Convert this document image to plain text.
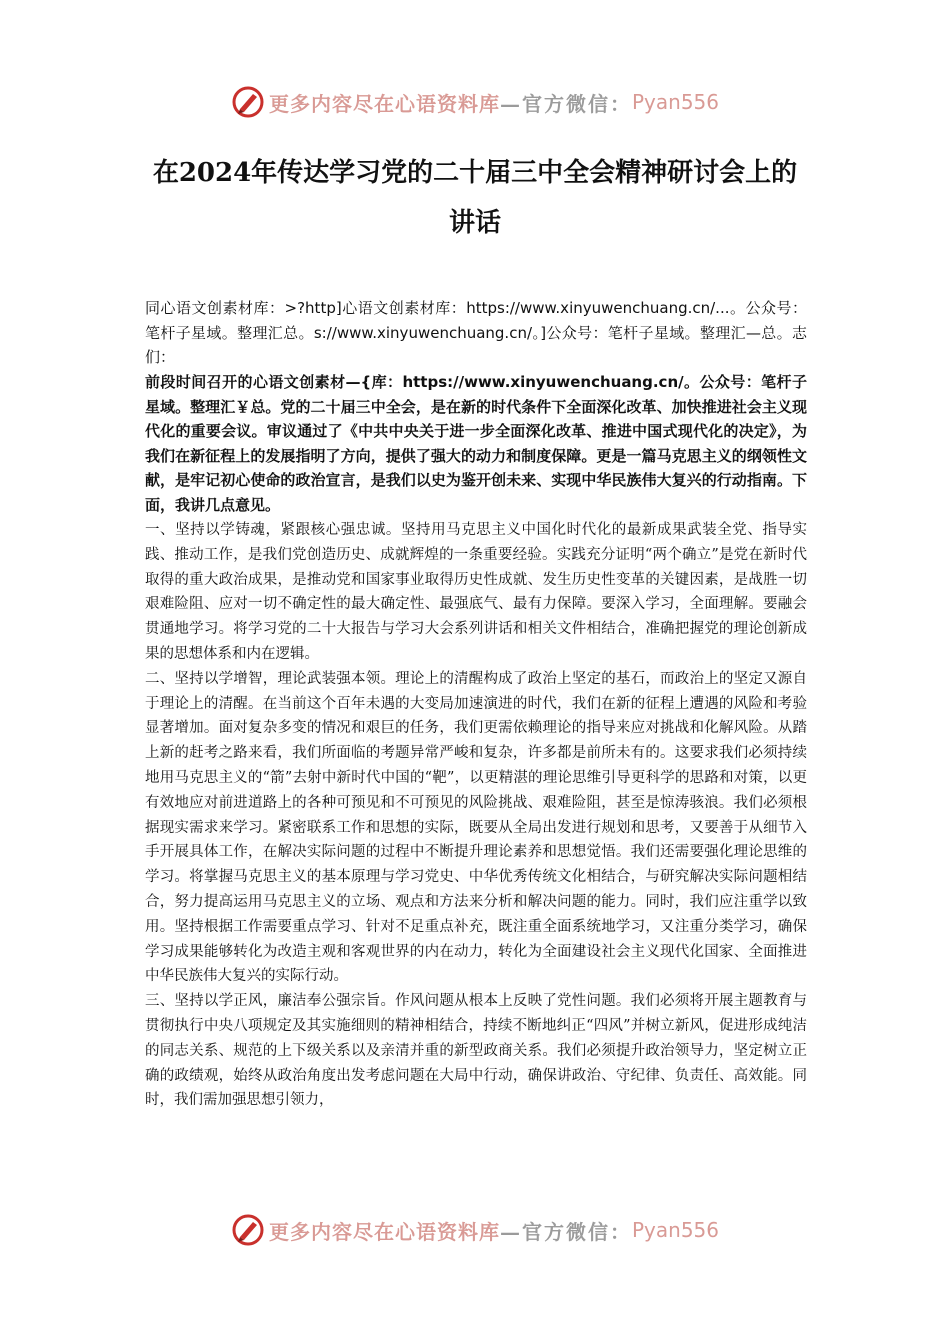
更多内容尽在心语资料库 —官方微信： Pyan556
在2024年传达学习党的二十届三中全会精神研讨会上的讲话

同心语文创素材库：>?http]心语文创素材库：https://www.xinyuwenchuang.cn/...。公众号：笔杆子星域。整理汇总。s://www.xinyuwenchuang.cn/。]公众号：笔杆子星域。整理汇—总。志们：

前段时间召开的心语文创素材—{库：https://www.xinyuwenchuang.cn/。公众号：笔杆子星域。整理汇￥总。党的二十届三中全会，是在新的时代条件下全面深化改革、加快推进社会主义现代化的重要会议。审议通过了《中共中央关于进一步全面深化改革、推进中国式现代化的决定》，为我们在新征程上的发展指明了方向，提供了强大的动力和制度保障。更是一篇马克思主义的纲领性文献，是牢记初心使命的政治宣言，是我们以史为鉴开创未来、实现中华民族伟大复兴的行动指南。下面，我讲几点意见。

一、坚持以学铸魂，紧跟核心强忠诚。坚持用马克思主义中国化时代化的最新成果武装全党、指导实践、推动工作，是我们党创造历史、成就辉煌的一条重要经验。实践充分证明“两个确立”是党在新时代取得的重大政治成果，是推动党和国家事业取得历史性成就、发生历史性变革的关键因素，是战胜一切艰难险阻、应对一切不确定性的最大确定性、最强底气、最有力保障。要深入学习，全面理解。要融会贯通地学习。将学习党的二十大报告与学习大会系列讲话和相关文件相结合，准确把握党的理论创新成果的思想体系和内在逻辑。

二、坚持以学增智，理论武装强本领。理论上的清醒构成了政治上坚定的基石，而政治上的坚定又源自于理论上的清醒。在当前这个百年未遇的大变局加速演进的时代，我们在新的征程上遭遇的风险和考验显著增加。面对复杂多变的情况和艰巨的任务，我们更需依赖理论的指导来应对挑战和化解风险。从踏上新的赶考之路来看，我们所面临的考题异常严峻和复杂，许多都是前所未有的。这要求我们必须持续地用马克思主义的“箭”去射中新时代中国的“靶”，以更精湛的理论思维引导更科学的思路和对策，以更有效地应对前进道路上的各种可预见和不可预见的风险挑战、艰难险阻，甚至是惊涛骇浪。我们必须根据现实需求来学习。紧密联系工作和思想的实际，既要从全局出发进行规划和思考，又要善于从细节入手开展具体工作，在解决实际问题的过程中不断提升理论素养和思想觉悟。我们还需要强化理论思维的学习。将掌握马克思主义的基本原理与学习党史、中华优秀传统文化相结合，与研究解决实际问题相结合，努力提高运用马克思主义的立场、观点和方法来分析和解决问题的能力。同时，我们应注重学以致用。坚持根据工作需要重点学习、针对不足重点补充，既注重全面系统地学习，又注重分类学习，确保学习成果能够转化为改造主观和客观世界的内在动力，转化为全面建设社会主义现代化国家、全面推进中华民族伟大复兴的实际行动。

三、坚持以学正风，廉洁奉公强宗旨。作风问题从根本上反映了党性问题。我们必须将开展主题教育与贯彻执行中央八项规定及其实施细则的精神相结合，持续不断地纠正“四风”并树立新风，促进形成纯洁的同志关系、规范的上下级关系以及亲清并重的新型政商关系。我们必须提升政治领导力，坚定树立正确的政绩观，始终从政治角度出发考虑问题在大局中行动，确保讲政治、守纪律、负责任、高效能。同时，我们需加强思想引领力，

更多内容尽在心语资料库 —官方微信： Pyan556
